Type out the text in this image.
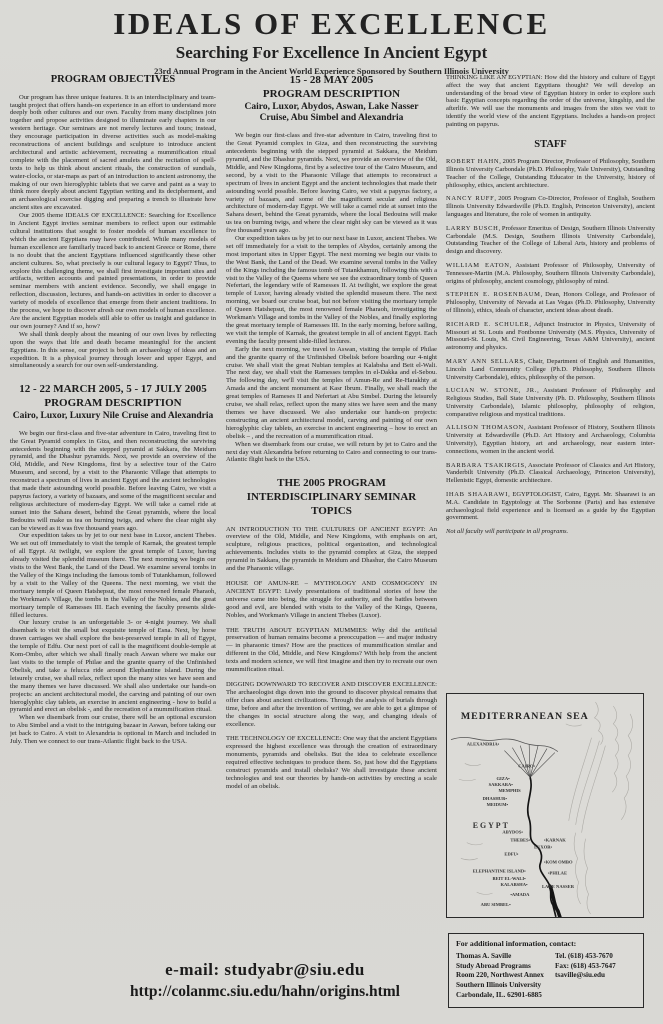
IDEALS OF EXCELLENCE
Searching For Excellence In Ancient Egypt
23rd Annual Program in the Ancient World Experience Sponsored by Southern Illinois University
PROGRAM OBJECTIVES

Our program has three unique features. It is an interdisciplinary and team-taught project that offers hands-on experience in an effort to understand more deeply both other cultures and our own. Faculty from many disciplines join together and propose activities designed to illuminate early chapters in our western heritage. Our seminars are not merely lectures and tours; instead, they encourage participation in diverse activities such as model-making reconstructions of ancient buildings and sculpture to introduce ancient architectural and artistic achievement, recreating a mummification ritual complete with the placement of sacred amulets and the recitation of spell-texts to help us think about ancient rituals, the construction of sundials, water-clocks, or star-maps as part of an introduction to ancient astronomy, the making of our own hieroglyphic tablets that we carve and paint as a way to think more deeply about ancient Egyptian writing and its decipherment, and an archaeological exercise digging and preparing a trench to illustrate how ancient sites are excavated.

Our 2005 theme IDEALS OF EXCELLENCE: Searching for Excellence in Ancient Egypt invites seminar members to reflect upon our estimable cultural institutions that sought to foster models of human excellence to which the ancient Egyptians may have contributed. While many models of human excellence are familiarly traced back to ancient Greece or Rome, there is no doubt that the ancient Egyptians influenced significantly these other ancient cultures. So, what precisely is our cultural legacy to Egypt? Thus, to explore this challenging theme, we shall first investigate important sites and artifacts, written accounts and painted presentations, in order to provide seminar members with ancient evidence. Secondly, we shall engage in reflection, discussion, lectures, and hands-on activities in order to discover a variety of models of excellence that emerge from their ancient traditions. In the process, we hope to discover afresh our own models of human excellence. Are the ancient Egyptian models still able to offer us insight and guidance in our own journey? And if so, how?

We shall think deeply about the meaning of our own lives by reflecting upon the ways that life and death became meaningful for the ancient Egyptians. In this sense, our project is both an archaeology of ideas and an expedition. It is a physical journey through lower and upper Egypt, and simultaneously a search for our own self-understanding.

12 - 22 MARCH 2005, 5 - 17 JULY 2005
PROGRAM DESCRIPTION
Cairo, Luxor, Luxury Nile Cruise and Alexandria

We begin our first-class and five-star adventure in Cairo, traveling first to the Great Pyramid complex in Giza, and then reconstructing the surviving antecedents beginning with the stepped pyramid at Sakkara, the Meidum pyramid, and the Dhashur pyramids. Next, we provide an overview of the Old, Middle, and New Kingdoms, first by a selective tour of the Cairo Museum, and second, by a visit to the Pharaonic Village that attempts to reconstruct a spectrum of lives in ancient Egypt and the ancient technologies that made their astounding world possible. Before leaving Cairo, we visit a papyrus factory, a variety of bazaars, and some of the magnificent secular and religious architecture of modern-day Egypt. We will take a camel ride at sunset into the Sahara desert, behind the Great pyramids, where the local Bedouins will make us tea on burning twigs, and where the clear night sky can be viewed as it was five thousand years ago.

Our expedition takes us by jet to our next base in Luxor, ancient Thebes. We set out off immediately to visit the temple of Karnak, the greatest temple of all Egypt. At twilight, we explore the great temple of Luxor, having already visited the splendid museum there. The next morning we begin our visits to the West Bank, the Land of the Dead. We examine several tombs in the Valley of the Kings including the famous tomb of Tutankhamun, followed by a visit to the Valley of the Queens. The next morning, we visit the mortuary temple of Queen Hatshepsut, the most renowned female Pharaoh, the Workman's Village, the tombs in the Valley of the Nobles, and the great mortuary temple of Ramesses III. Each evening the faculty presents slide-filled lectures.

Our luxury cruise is an unforgettable 3- or 4-night journey. We shall disembark to visit the small but exquisite temple of Esna. Next, by horse drawn carriages we shall explore the best-preserved temple in all of Egypt, the temple of Edfu. Our next port of call is the magnificent double-temple at Kom-Ombo, after which we shall finally reach Aswan where we make our last visits to the temple of Philae and the granite quarry of the Unfinished Obelisk, and take a felucca ride around Elephantine island. During the leisurely cruise, we shall relax, reflect upon the many sites we have seen and the many themes we have discussed. We shall also undertake our hands-on projects: an ancient architectural model, the carving and painting of our own hieroglyphic clay tablets, an exercise in ancient engineering - how to build a pyramid and erect an obelisk -, and the recreation of a mummification ritual.

When we disembark from our cruise, there will be an optional excursion to Abu Simbel and a visit to the intriguing bazaar in Aswan, before taking our jet back to Cairo. A visit to Alexandria is optional in March and included in July. Then we connect to our trans-Atlantic flight back to the USA.

15 - 28 MAY 2005
PROGRAM DESCRIPTION
Cairo, Luxor, Abydos, Aswan, Lake Nasser
Cruise, Abu Simbel and Alexandria

We begin our first-class and five-star adventure in Cairo, traveling first to the Great Pyramid complex in Giza, and then reconstructing the surviving antecedents beginning with the stepped pyramid at Sakkara, the Meidum pyramid, and the Dhashur pyramids. Next, we provide an overview of the Old, Middle, and New Kingdoms, first by a selective tour of the Cairo Museum, and second, by a visit to the Pharaonic Village that attempts to reconstruct a spectrum of lives in ancient Egypt and the ancient technologies that made their astounding world possible. Before leaving Cairo, we visit a papyrus factory, a variety of bazaars, and some of the magnificent secular and religious architecture of modern-day Egypt. We will take a camel ride at sunset into the Sahara desert, behind the Great pyramids, where the local Bedouins will make us tea on burning twigs, and where the clear night sky can be viewed as it was five thousand years ago.

Our expedition takes us by jet to our next base in Luxor, ancient Thebes. We set off immediately for a visit to the temples of Abydos, certainly among the most important sites in Upper Egypt. The next morning we begin our visits to the West Bank, the Land of the Dead. We examine several tombs in the Valley of the Kings including the famous tomb of Tutankhamun, following this with a visit to the Valley of the Queens where we see the extraordinary tomb of Queen Nefertari, the legendary wife of Ramesses II. At twilight, we explore the great temple of Luxor, having already visited the splendid museum there. The next morning, we board our cruise boat, but not before visiting the mortuary temple of Queen Hatshepsut, the most renowned female Pharaoh, investigating the Workman's Village and tombs in the Valley of the Nobles, and finally exploring the great mortuary temple of Ramesses III. In the early morning, before sailing, we visit the temple of Karnak, the greatest temple in all of ancient Egypt. Each evening the faculty present slide-filled lectures.

Early the next morning, we travel to Aswan, visiting the temple of Philae and the granite quarry of the Unfinished Obelisk before boarding our 4-night cruise. We shall visit the great Nubian temples at Kalabsha and Beit el-Wali. The next day, we shall visit the Ramesses temples in el-Dakka and el-Sebou. The following day, we'll visit the temples of Amun-Re and Re-Harakhty at Amada and the ancient monument at Kasr Ibrum. Finally, we shall reach the great temples of Rameses II and Nefertari at Abu Simbel. During the leisurely cruise, we shall relax, reflect upon the many sites we have seen and the many themes we have discussed. We also undertake our hands-on projects: constructing an ancient architectural model, carving and painting of our own hieroglyphic clay tablets, an exercise in ancient engineering – how to erect an obelisk – , and the recreation of a mummification ritual.

When we disembark from our cruise, we will return by jet to Cairo and the next day visit Alexandria before returning to Cairo and connecting to our trans-Atlantic flight back to the USA.

THE 2005 PROGRAM
INTERDISCIPLINARY SEMINAR TOPICS

AN INTRODUCTION TO THE CULTURES OF ANCIENT EGYPT: An overview of the Old, Middle, and New Kingdoms, with emphasis on art, sculpture, religious practices, political organization, and technological achievements. Includes visits to the pyramid complex at Giza, the stepped pyramid in Sakkara, the pyramids in Meidum and Dhashur, the Cairo Museum and the Pharaonic village.

HOUSE OF AMUN-RE – MYTHOLOGY AND COSMOGONY IN ANCIENT EGYPT: Lively presentations of traditional stories of how the universe came into being, the struggle for authority, and the battles between good and evil, are blended with visits to the Valley of the Kings, Queens, Nobles, and Workman's Village in ancient Thebes (Luxor).

THE TRUTH ABOUT EGYPTIAN MUMMIES: Why did the artificial preservation of human remains become a preoccupation — and major industry — in pharaonic times? How are the practices of mummification similar and different in the Old, Middle, and New Kingdoms? With help from the ancient texts and modern science, we will first imagine and then try to recreate our own mummification ritual.

DIGGING DOWNWARD TO RECOVER AND DISCOVER EXCELLENCE: The archaeologist digs down into the ground to discover physical remains that offer clues about ancient civilizations. Through the analysis of burials through time, before and after the invention of writing, we are able to get a glimpse of the changes in social structure along the way, and changing ideals of excellence.

THE TECHNOLOGY OF EXCELLENCE: One way that the ancient Egyptians expressed the highest excellence was through the creation of extraordinary monuments, pyramids and obelisks. But the idea to celebrate excellence required effective techniques to produce them. So, just how did the Egyptians construct pyramids and install obelisks? We shall investigate these ancient technologies and test our theories by hands-on activities by erecting a scale model of an obelisk.

THINKING LIKE AN EGYPTIAN: How did the history and culture of Egypt affect the way that ancient Egyptians thought? We will develop an understanding of the broad view of Egyptian history in order to explore such basic Egyptian concepts regarding the order of the universe, kingship, and the afterlife. We will use the monuments and images from the sites we visit to identify the world view of the ancient Egyptians. Includes a hands-on project painting on papyrus.

STAFF

ROBERT HAHN, 2005 Program Director, Professor of Philosophy, Southern Illinois University Carbondale (Ph.D. Philosophy, Yale University), Outstanding Teacher of the College, Outstanding Educator in the University, history of philosophy, ethics, ancient architecture.

NANCY RUFF, 2005 Program Co-Director, Professor of English, Southern Illinois University Edwardsville (Ph.D. English, Princeton University), ancient languages and literature, the role of women in antiquity.

LARRY BUSCH, Professor Emeritus of Design, Southern Illinois University Carbondale (M.S. Design, Southern Illinois University Carbondale), Outstanding Teacher of the College of Liberal Arts, history and problems of design and discovery.

WILLIAM EATON, Assistant Professor of Philosophy, University of Tennessee-Martin (M.A. Philosophy, Southern Illinois University Carbondale), origins of philosophy, ancient cosmology, philosophy of mind.

STEPHEN E. ROSENBAUM, Dean, Honors College, and Professor of Philosophy, University of Nevada at Las Vegas (Ph.D. Philosophy, University of Illinois), ethics, ideals of character, ancient ideas about death.

RICHARD E. SCHULER, Adjunct Instructor in Physics, University of Missouri at St. Louis and Fontbonne University (M.S. Physics, University of Missouri-St. Louis, M. Civil Engineering, Texas A&M University), ancient astronomy and physics.

MARY ANN SELLARS, Chair, Department of English and Humanities, Lincoln Land Community College (Ph.D. Philosophy, Southern Illinois University Carbondale), ethics, philosophy of the person.

LUCIAN W. STONE, JR., Assistant Professor of Philosophy and Religious Studies, Ball State University (Ph. D. Philosophy, Southern Illinois University Carbondale), Islamic philosophy, philosophy of religion, comparative religious and mystical traditions.

ALLISON THOMASON, Assistant Professor of History, Southern Illinois University at Edwardsville (Ph.D. Art History and Archaeology, Columbia University), Egyptian history, art and archaeology, near eastern inter-connections, women in the ancient world.

BARBARA TSAKIRGIS, Associate Professor of Classics and Art History, Vanderbilt University (Ph.D. Classical Archaeology, Princeton University), Hellenistic Egypt, domestic architecture.

IHAB SHAARAWI, EGYPTOLOGIST, Cairo, Egypt. Mr. Shaarawi is an M.A. Candidate in Egyptology at The Sorbonne (Paris) and has extensive archaeological field experience and is licensed as a guide by the Egyptian government.

Not all faculty will participate in all programs.

MEDITERRANEAN SEA
EGYPT
ALEXANDRIA•
CAIRO•
GIZA•
SAKKARA•
MEMPHIS
DHASHUR•
MEIDUM•
ABYDOS•
THEBES•	•KARNAK
LUXOR•
EDFU•
•KOM OMBO
ELEPHANTINE ISLAND•	•PHILAE
BEIT EL-WALI•
KALABSHA•	LAKE NASSER
•AMADA
ABU SIMBEL•
For additional information, contact:
Thomas A. Saville
Study Abroad Programs
Room 220, Northwest Annex
Southern Illinois University
Carbondale, IL. 62901-6885
Tel. (618) 453-7670
Fax: (618) 453-7647
tsaville@siu.edu
e-mail: studyabr@siu.edu
http://colanmc.siu.edu/hahn/origins.html
